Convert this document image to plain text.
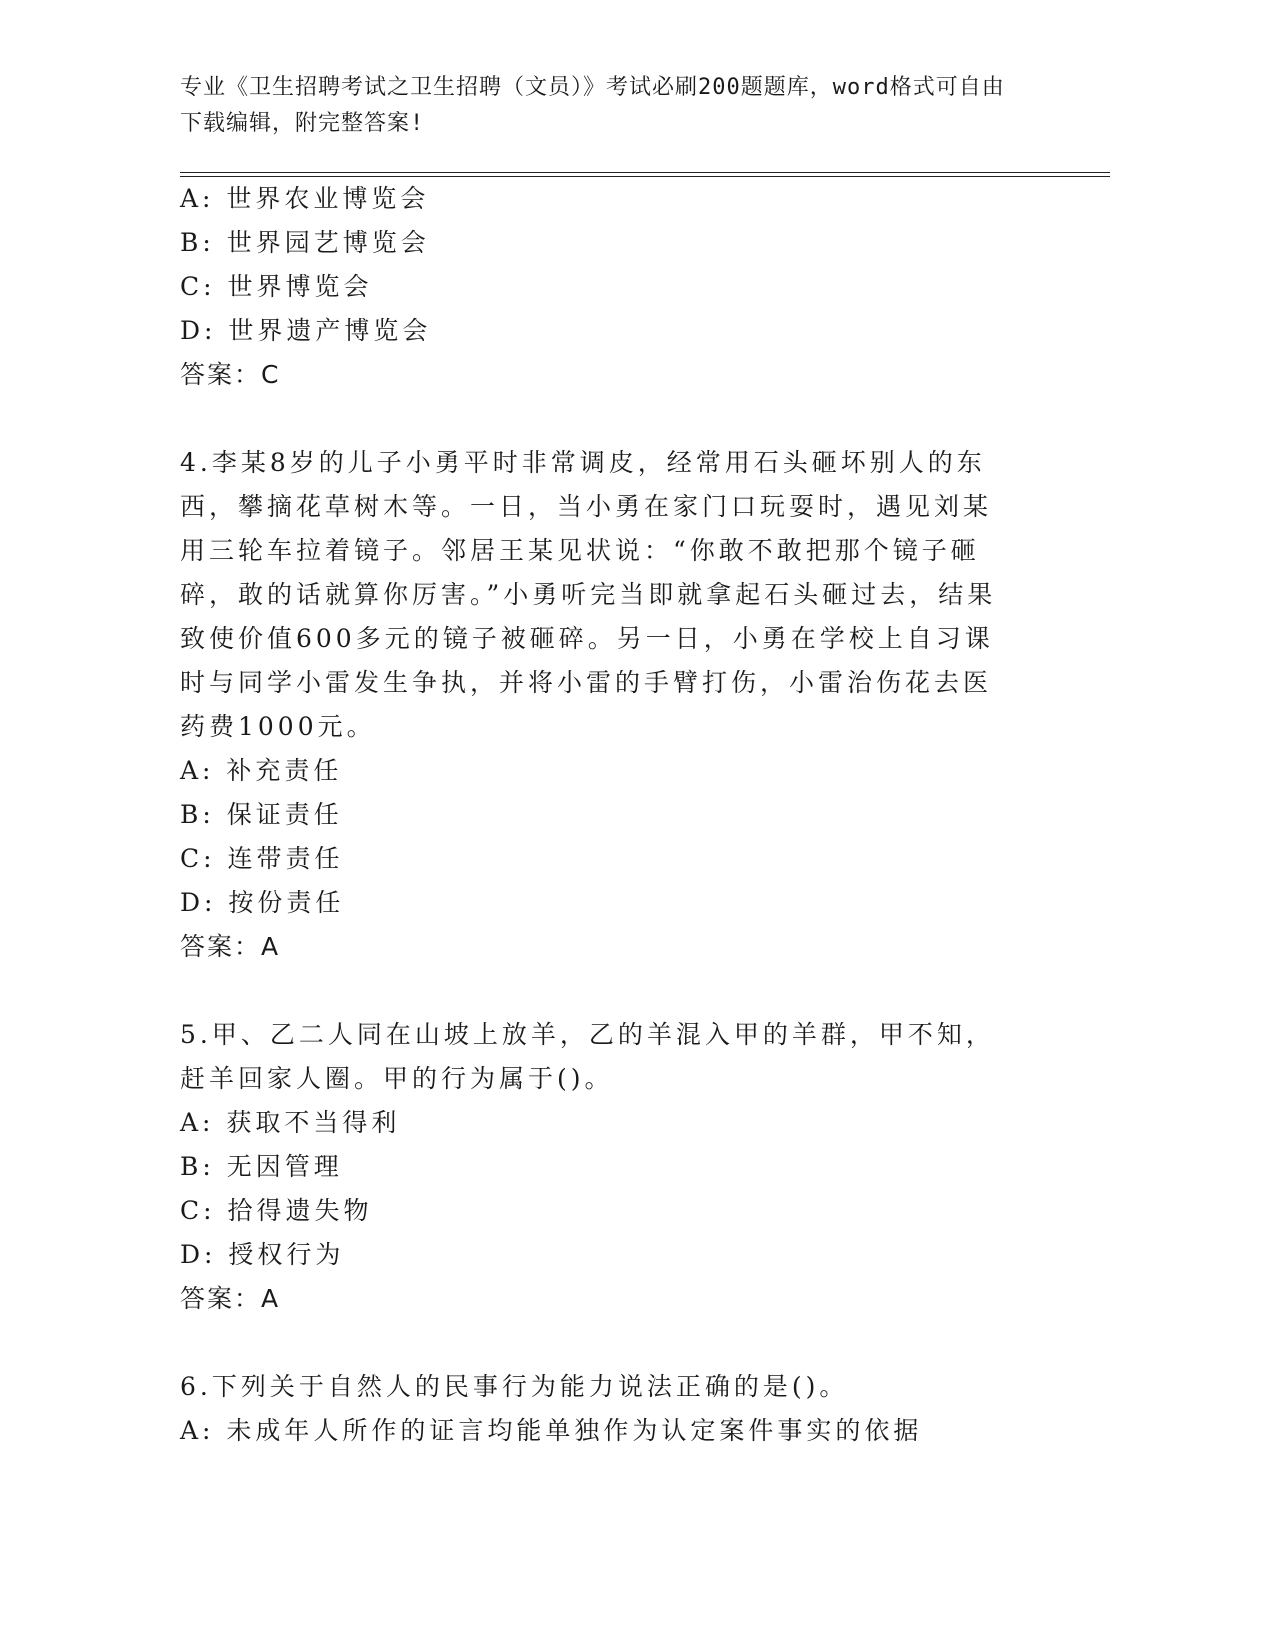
专业《卫生招聘考试之卫生招聘（文员）》考试必刷200题题库，word格式可自由下载编辑，附完整答案!

A: 世界农业博览会
B: 世界园艺博览会
C: 世界博览会
D: 世界遗产博览会
答案：C
4.李某8岁的儿子小勇平时非常调皮，经常用石头砸坏别人的东西，攀摘花草树木等。一日，当小勇在家门口玩耍时，遇见刘某用三轮车拉着镜子。邻居王某见状说：“你敢不敢把那个镜子砸碎，敢的话就算你厉害。”小勇听完当即就拿起石头砸过去，结果致使价值600多元的镜子被砸碎。另一日，小勇在学校上自习课时与同学小雷发生争执，并将小雷的手臂打伤，小雷治伤花去医药费1000元。
A: 补充责任
B: 保证责任
C: 连带责任
D: 按份责任
答案：A
5.甲、乙二人同在山坡上放羊，乙的羊混入甲的羊群，甲不知，赶羊回家人圈。甲的行为属于()。
A: 获取不当得利
B: 无因管理
C: 拾得遗失物
D: 授权行为
答案：A
6.下列关于自然人的民事行为能力说法正确的是()。
A: 未成年人所作的证言均能单独作为认定案件事实的依据
